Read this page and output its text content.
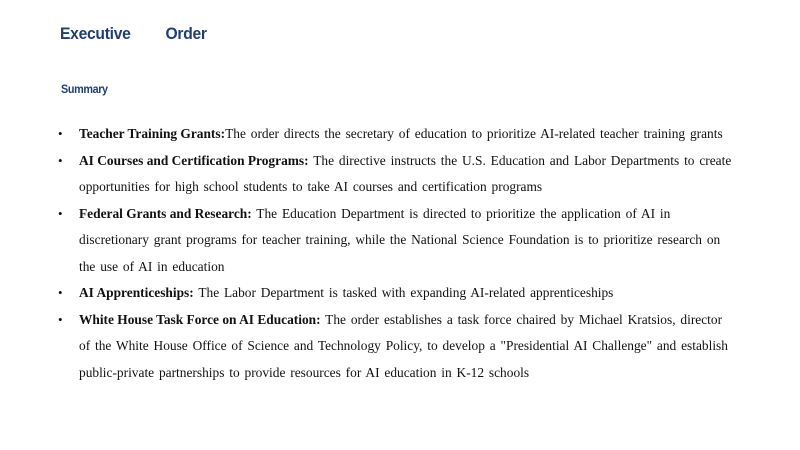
Executive Order
Summary
• Teacher Training Grants:The order directs the secretary of education to prioritize AI-related teacher training grants
• AI Courses and Certification Programs: The directive instructs the U.S. Education and Labor Departments to create opportunities for high school students to take AI courses and certification programs
• Federal Grants and Research: The Education Department is directed to prioritize the application of AI in discretionary grant programs for teacher training, while the National Science Foundation is to prioritize research on the use of AI in education
• AI Apprenticeships: The Labor Department is tasked with expanding AI-related apprenticeships
• White House Task Force on AI Education: The order establishes a task force chaired by Michael Kratsios, director of the White House Office of Science and Technology Policy, to develop a "Presidential AI Challenge" and establish public-private partnerships to provide resources for AI education in K-12 schools
